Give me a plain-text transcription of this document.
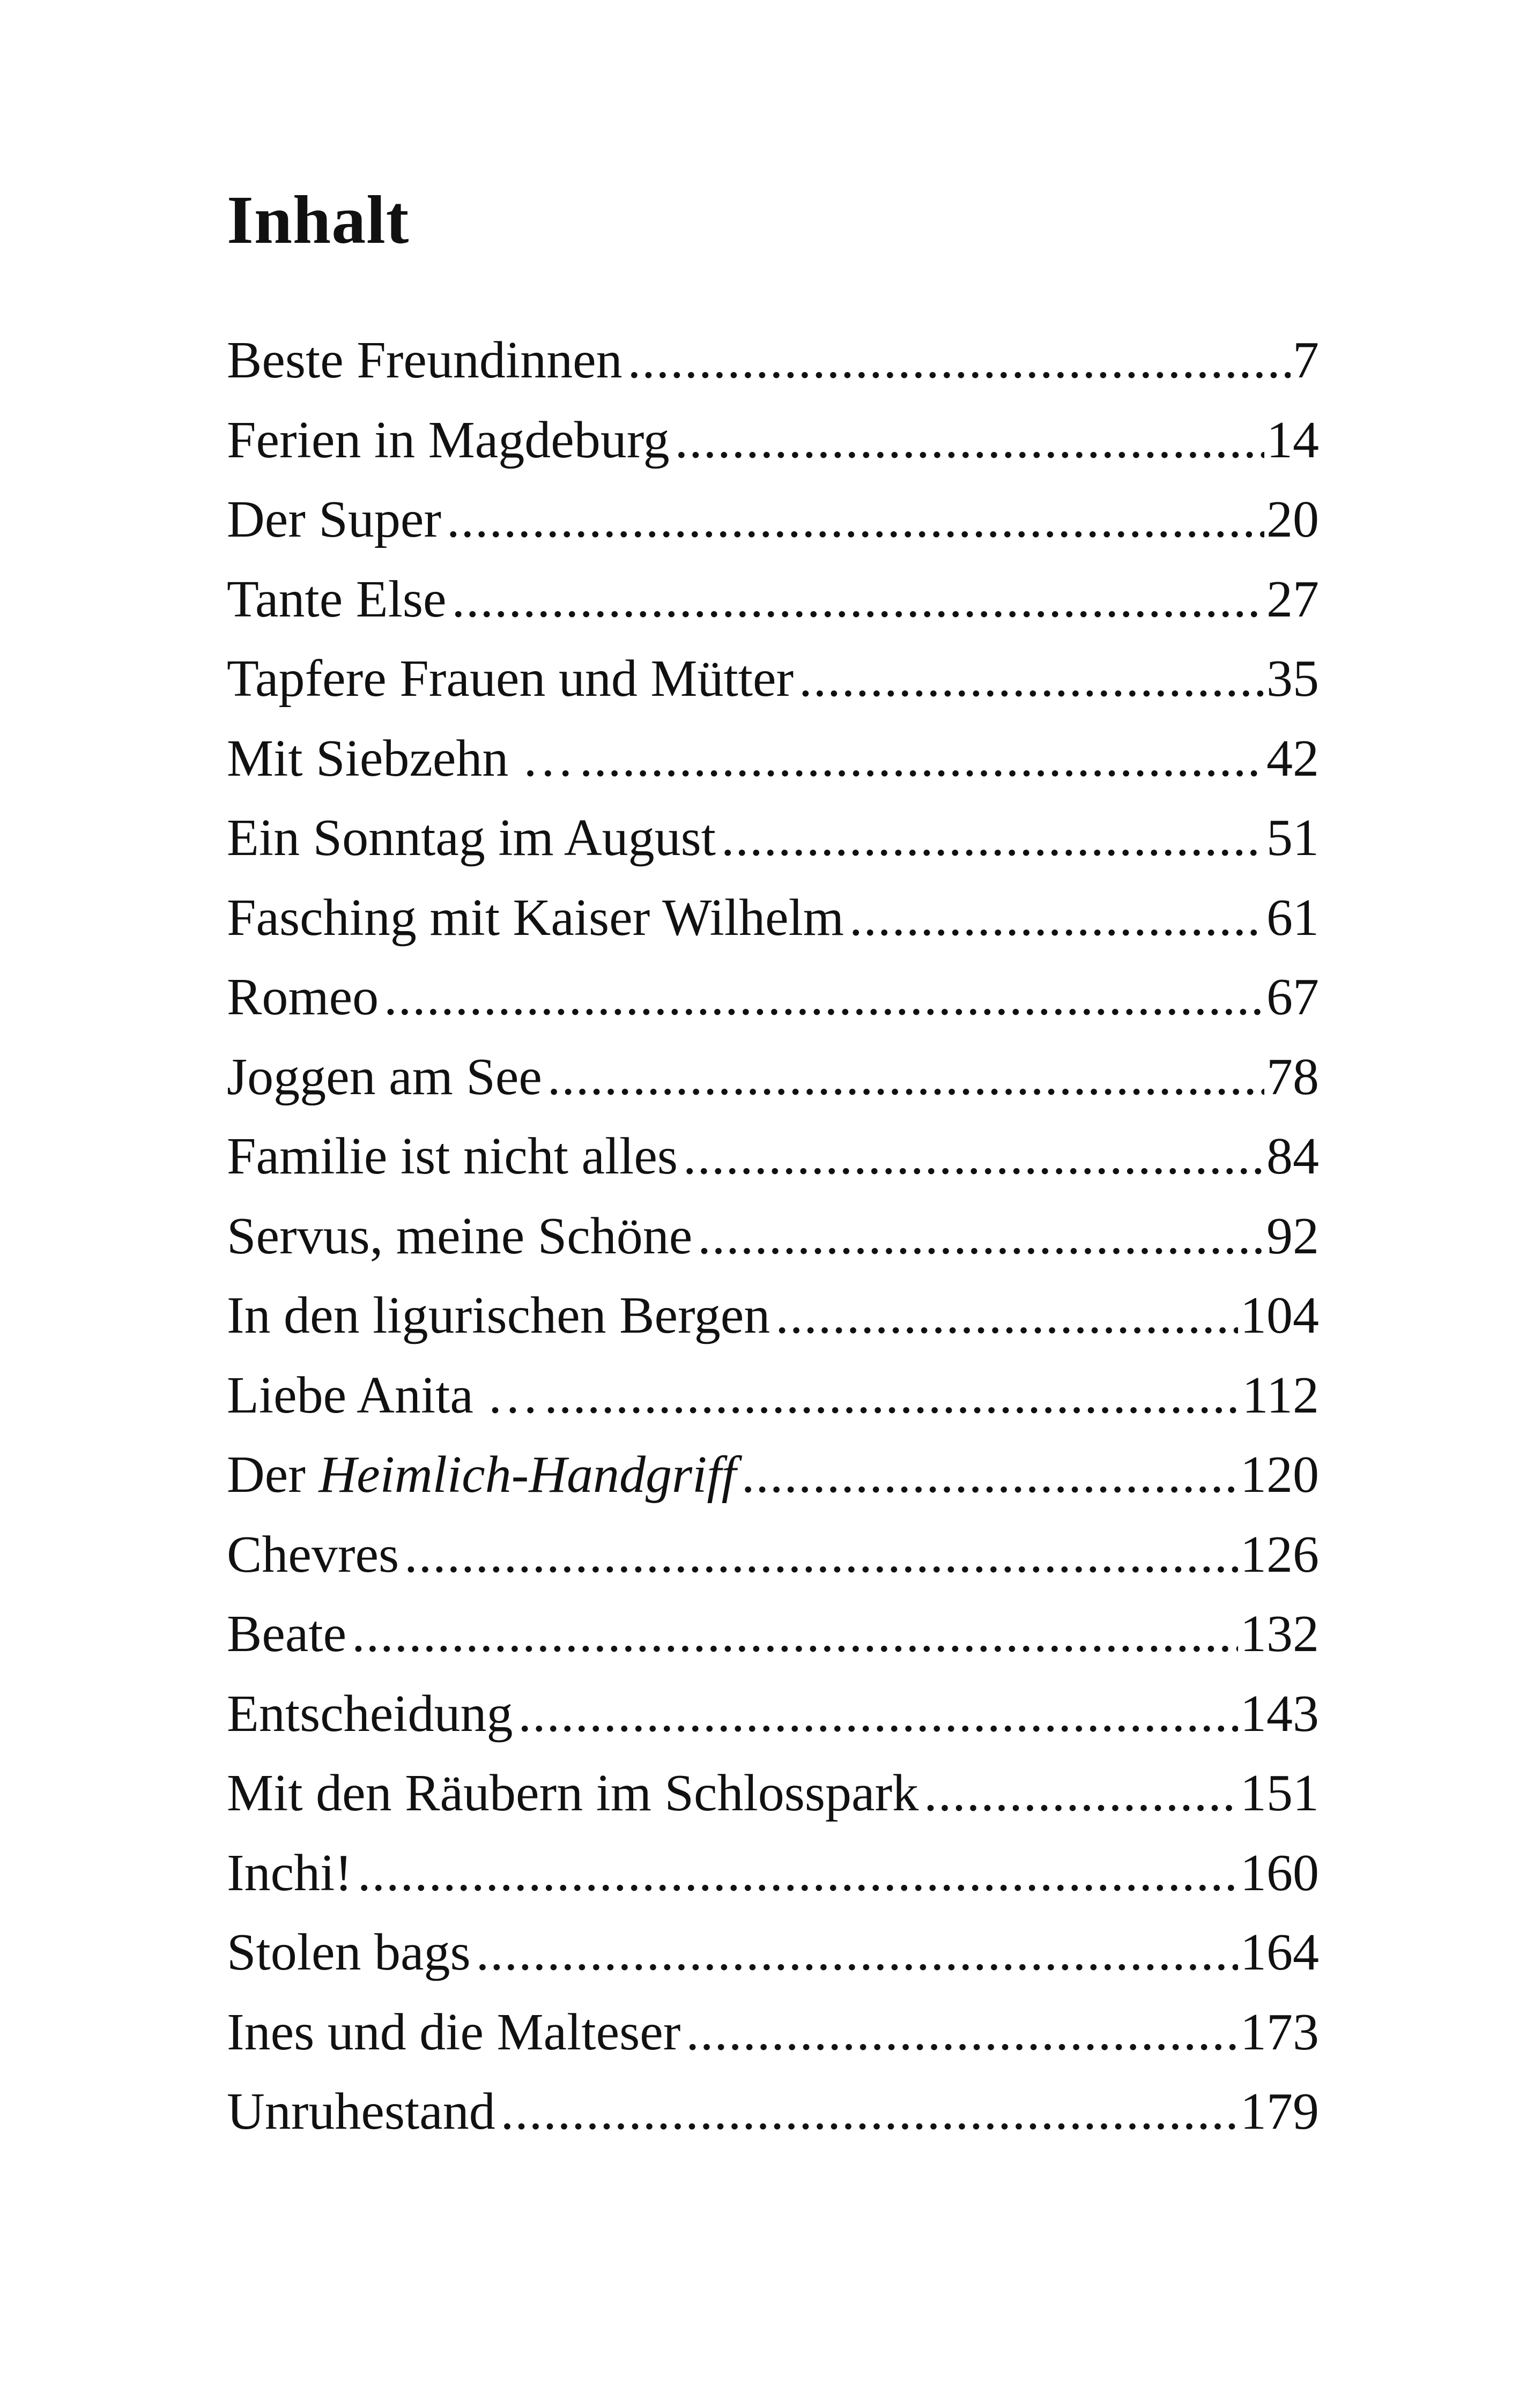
Inhalt
Beste Freundinnen .....	7
Ferien in Magdeburg .....	14
Der Super .....	20
Tante Else .....	27
Tapfere Frauen und Mütter .....	35
Mit Siebzehn … .....	42
Ein Sonntag im August .....	51
Fasching mit Kaiser Wilhelm .....	61
Romeo .....	67
Joggen am See .....	78
Familie ist nicht alles .....	84
Servus, meine Schöne .....	92
In den ligurischen Bergen .....	104
Liebe Anita … .....	112
Der Heimlich-Handgriff .....	120
Chevres .....	126
Beate .....	132
Entscheidung .....	143
Mit den Räubern im Schlosspark .....	151
Inchi! .....	160
Stolen bags .....	164
Ines und die Malteser .....	173
Unruhestand .....	179
